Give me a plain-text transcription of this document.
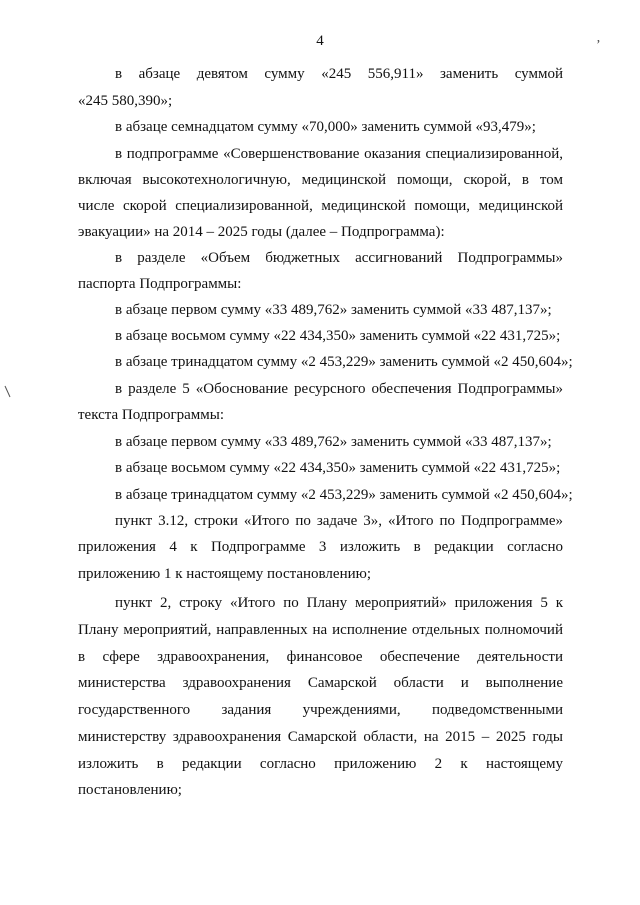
4
в абзаце девятом сумму «245 556,911» заменить суммой
«245 580,390»;
в абзаце семнадцатом сумму «70,000» заменить суммой «93,479»;
в подпрограмме «Совершенствование оказания специализированной,
включая высокотехнологичную, медицинской помощи, скорой, в том
числе скорой специализированной, медицинской помощи, медицинской
эвакуации» на 2014 – 2025 годы (далее – Подпрограмма):
в разделе «Объем бюджетных ассигнований Подпрограммы»
паспорта Подпрограммы:
в абзаце первом сумму «33 489,762» заменить суммой «33 487,137»;
в абзаце восьмом сумму «22 434,350» заменить суммой «22 431,725»;
в абзаце тринадцатом сумму «2 453,229» заменить суммой «2 450,604»;
в разделе 5 «Обоснование ресурсного обеспечения Подпрограммы»
текста Подпрограммы:
в абзаце первом сумму «33 489,762» заменить суммой «33 487,137»;
в абзаце восьмом сумму «22 434,350» заменить суммой «22 431,725»;
в абзаце тринадцатом сумму «2 453,229» заменить суммой «2 450,604»;
пункт 3.12, строки «Итого по задаче 3», «Итого по Подпрограмме»
приложения 4 к Подпрограмме 3 изложить в редакции согласно
приложению 1 к настоящему постановлению;
пункт 2, строку «Итого по Плану мероприятий» приложения 5 к
Плану мероприятий, направленных на исполнение отдельных полномочий
в сфере здравоохранения, финансовое обеспечение деятельности
министерства здравоохранения Самарской области и выполнение
государственного задания учреждениями, подведомственными
министерству здравоохранения Самарской области, на 2015 – 2025 годы
изложить в редакции согласно приложению 2 к настоящему
постановлению;
’
